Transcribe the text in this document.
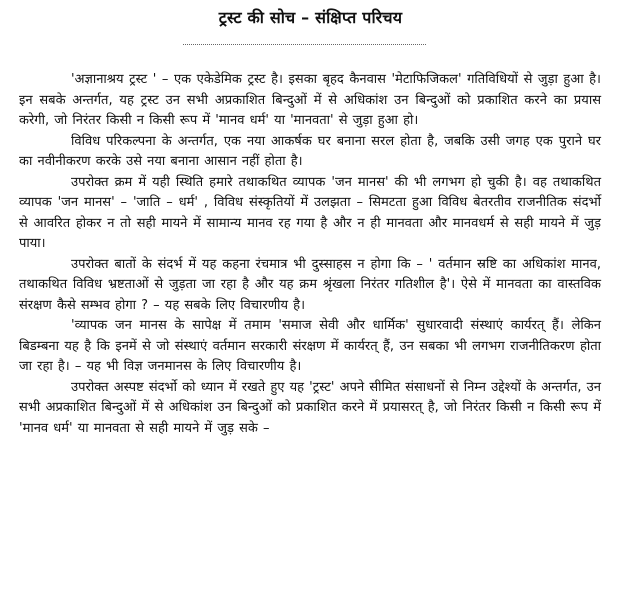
ट्रस्ट की सोच – संक्षिप्त परिचय

'अज्ञानाश्रय ट्रस्ट ' – एक एकेडेमिक ट्रस्ट है। इसका बृहद कैनवास 'मेटाफिजिकल' गतिविधियों से जुड़ा हुआ है। इन सबके अन्तर्गत, यह ट्रस्ट उन सभी अप्रकाशित बिन्दुओं में से अधिकांश उन बिन्दुओं को प्रकाशित करने का प्रयास करेगी, जो निरंतर किसी न किसी रूप में 'मानव धर्म' या 'मानवता' से जुड़ा हुआ हो।

विविध परिकल्पना के अन्तर्गत, एक नया आकर्षक घर बनाना सरल होता है, जबकि उसी जगह एक पुराने घर का नवीनीकरण करके उसे नया बनाना आसान नहीं होता है।

उपरोक्त क्रम में यही स्थिति हमारे तथाकथित व्यापक 'जन मानस' की भी लगभग हो चुकी है। वह तथाकथित व्यापक 'जन मानस' – 'जाति – धर्म' , विविध संस्कृतियों में उलझता – सिमटता हुआ विविध बेतरतीव राजनीतिक संदर्भो से आवरित होकर न तो सही मायने में सामान्य मानव रह गया है और न ही मानवता और मानवधर्म से सही मायने में जुड़ पाया।

उपरोक्त बातों के संदर्भ में यह कहना रंचमात्र भी दुस्साहस न होगा कि – ' वर्तमान स्रष्टि का अधिकांश मानव, तथाकथित विविध भ्रष्टताओं से जुड़ता जा रहा है और यह क्रम श्रृंखला निरंतर गतिशील है'। ऐसे में मानवता का वास्तविक संरक्षण कैसे सम्भव होगा ? – यह सबके लिए विचारणीय है।

'व्यापक जन मानस के सापेक्ष में तमाम 'समाज सेवी और धार्मिक' सुधारवादी संस्थाएं कार्यरत् हैं। लेकिन बिडम्बना यह है कि इनमें से जो संस्थाएं वर्तमान सरकारी संरक्षण में कार्यरत् हैं, उन सबका भी लगभग राजनीतिकरण होता जा रहा है। – यह भी विज्ञ जनमानस के लिए विचारणीय है।

उपरोक्त अस्पष्ट संदर्भो को ध्यान में रखते हुए यह 'ट्रस्ट' अपने सीमित संसाधनों से निम्न उद्देश्यों के अन्तर्गत, उन सभी अप्रकाशित बिन्दुओं में से अधिकांश उन बिन्दुओं को प्रकाशित करने में प्रयासरत् है, जो निरंतर किसी न किसी रूप में 'मानव धर्म' या मानवता से सही मायने में जुड़ सके –
